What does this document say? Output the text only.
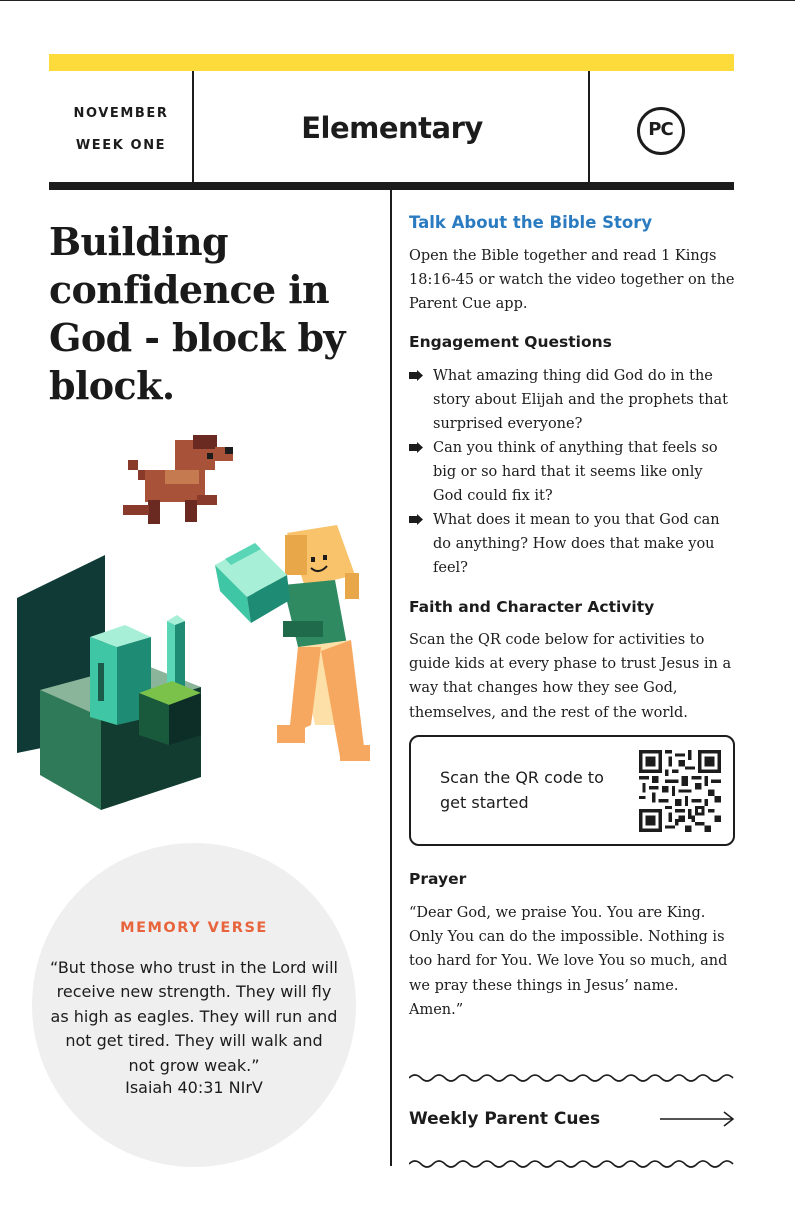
NOVEMBER
WEEK ONE
Elementary	PC
Building confidence in God - block by block.
MEMORY VERSE
“But those who trust in the Lord will receive new strength. They will fly as high as eagles. They will run and not get tired. They will walk and not grow weak.”
Isaiah 40:31 NIrV
Talk About the Bible Story
Open the Bible together and read 1 Kings 18:16-45 or watch the video together on the Parent Cue app.
Engagement Questions
What amazing thing did God do in the story about Elijah and the prophets that surprised everyone?
Can you think of anything that feels so big or so hard that it seems like only God could fix it?
What does it mean to you that God can do anything? How does that make you feel?
Faith and Character Activity
Scan the QR code below for activities to guide kids at every phase to trust Jesus in a way that changes how they see God, themselves, and the rest of the world.
Prayer
“Dear God, we praise You. You are King. Only You can do the impossible. Nothing is too hard for You. We love You so much, and we pray these things in Jesus’ name. Amen.”
Scan the QR code to get started
Weekly Parent Cues
